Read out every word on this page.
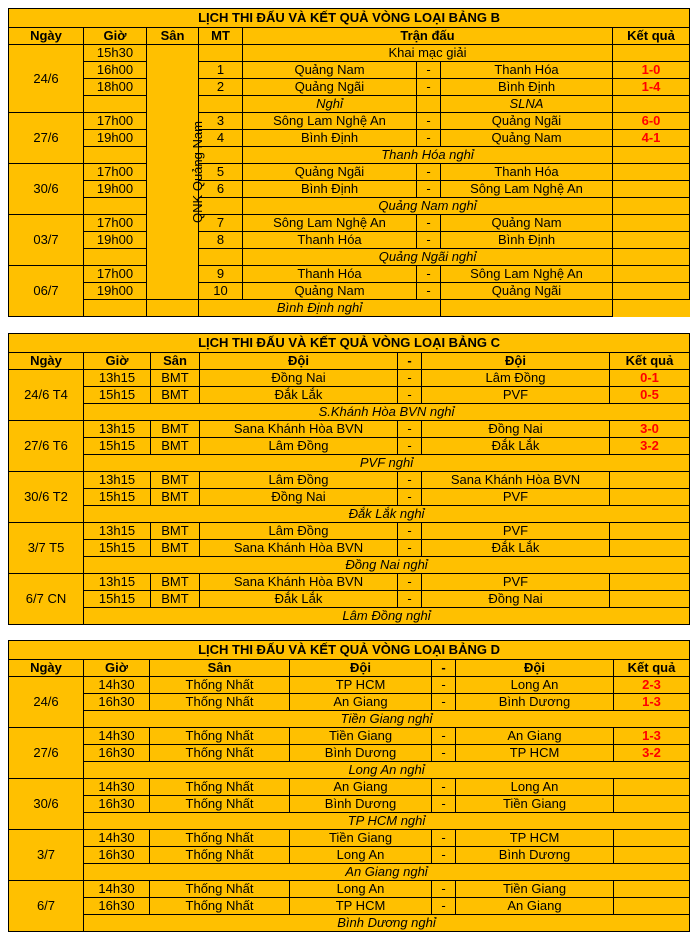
LỊCH THI ĐẤU VÀ KẾT QUẢ VÒNG LOẠI BẢNG B							
Ngày	Giờ	Sân	MT	Trận đấu			Kết quả
24/6	15h30	QNK Quảng Nam		Khai mạc giải			
	16h00		1	Quảng Nam	-	Thanh Hóa	1-0
	18h00		2	Quảng Ngãi	-	Bình Định	1-4
				Nghỉ		SLNA	
27/6	17h00		3	Sông Lam Nghệ An	-	Quảng Ngãi	6-0
	19h00		4	Bình Định	-	Quảng Nam	4-1
				Thanh Hóa nghỉ			
30/6	17h00		5	Quảng Ngãi	-	Thanh Hóa	
	19h00		6	Bình Định	-	Sông Lam Nghệ An	
				Quảng Nam nghỉ			
03/7	17h00		7	Sông Lam Nghệ An	-	Quảng Nam	
	19h00		8	Thanh Hóa	-	Bình Định	
				Quảng Ngãi nghỉ			
06/7	17h00		9	Thanh Hóa	-	Sông Lam Nghệ An	
	19h00		10	Quảng Nam	-	Quảng Ngãi	
			Bình Định nghỉ				
LỊCH THI ĐẤU VÀ KẾT QUẢ VÒNG LOẠI BẢNG C						
Ngày	Giờ	Sân	Đội	-	Đội	Kết quả
24/6 T4	13h15	BMT	Đồng Nai	-	Lâm Đồng	0-1
	15h15	BMT	Đắk Lắk	-	PVF	0-5
	S.Khánh Hòa BVN nghỉ					
27/6 T6	13h15	BMT	Sana Khánh Hòa BVN	-	Đồng Nai	3-0
	15h15	BMT	Lâm Đồng	-	Đắk Lắk	3-2
	PVF nghỉ					
30/6 T2	13h15	BMT	Lâm Đồng	-	Sana Khánh Hòa BVN	
	15h15	BMT	Đồng Nai	-	PVF	
	Đắk Lắk nghỉ					
3/7 T5	13h15	BMT	Lâm Đồng	-	PVF	
	15h15	BMT	Sana Khánh Hòa BVN	-	Đắk Lắk	
	Đồng Nai nghỉ					
6/7 CN	13h15	BMT	Sana Khánh Hòa BVN	-	PVF	
	15h15	BMT	Đắk Lắk	-	Đồng Nai	
	Lâm Đồng nghỉ					
LỊCH THI ĐẤU VÀ KẾT QUẢ VÒNG LOẠI BẢNG D						
Ngày	Giờ	Sân	Đội	-	Đội	Kết quả
24/6	14h30	Thống Nhất	TP HCM	-	Long An	2-3
	16h30	Thống Nhất	An Giang	-	Bình Dương	1-3
	Tiền Giang nghỉ					
27/6	14h30	Thống Nhất	Tiền Giang	-	An Giang	1-3
	16h30	Thống Nhất	Bình Dương	-	TP HCM	3-2
	Long An nghỉ					
30/6	14h30	Thống Nhất	An Giang	-	Long An	
	16h30	Thống Nhất	Bình Dương	-	Tiền Giang	
	TP HCM nghỉ					
3/7	14h30	Thống Nhất	Tiền Giang	-	TP HCM	
	16h30	Thống Nhất	Long An	-	Bình Dương	
	An Giang nghỉ					
6/7	14h30	Thống Nhất	Long An	-	Tiền Giang	
	16h30	Thống Nhất	TP HCM	-	An Giang	
	Bình Dương nghỉ					
